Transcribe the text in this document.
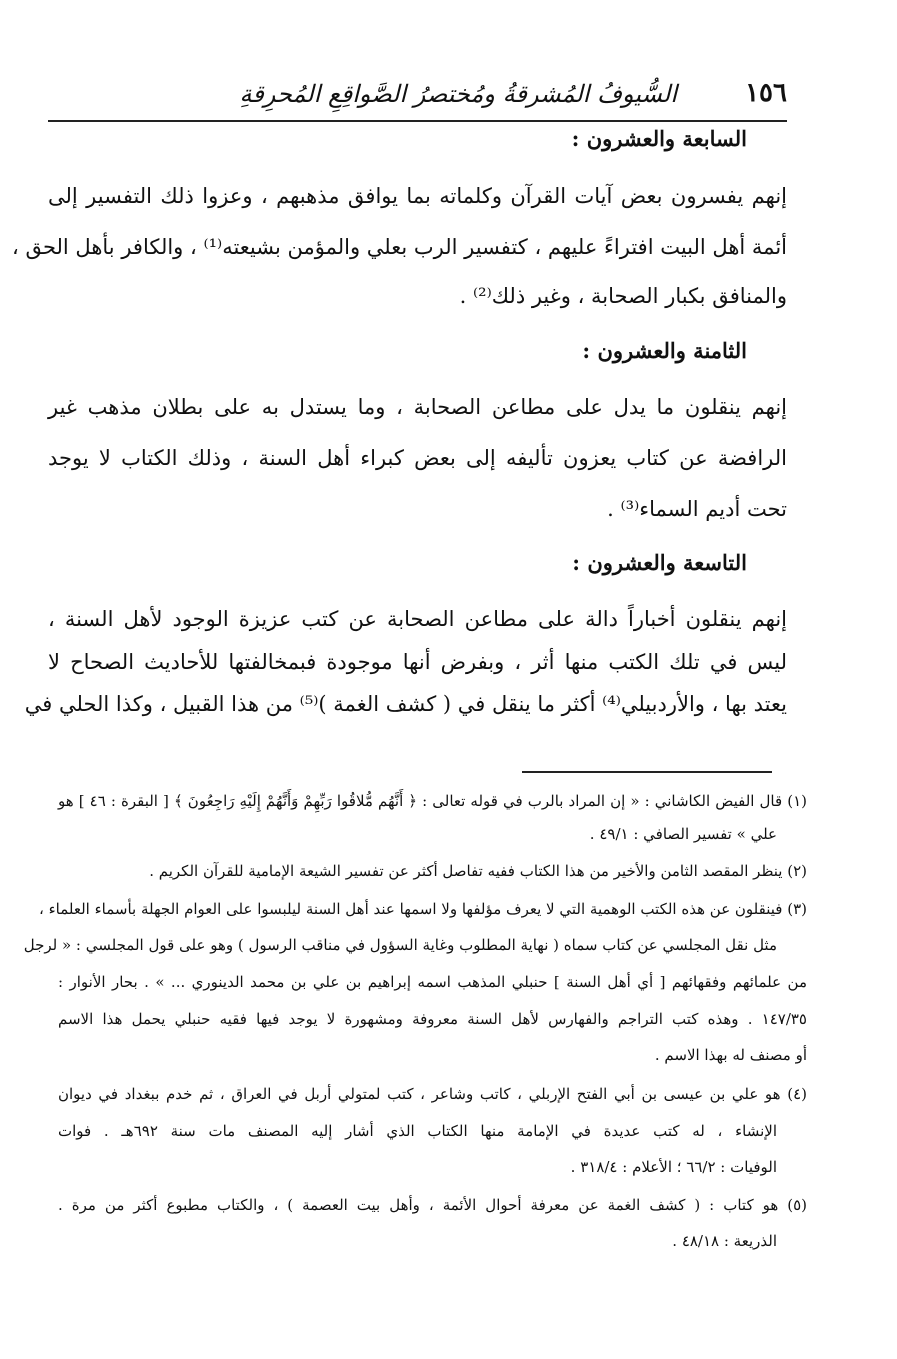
١٥٦
السُّيوفُ المُشرقةُ ومُختصرُ الصَّواقِعِ المُحرِقةِ
السابعة والعشرون :
إنهم يفسرون بعض آيات القرآن وكلماته بما يوافق مذهبهم ، وعزوا ذلك التفسير إلى
أئمة أهل البيت افتراءً عليهم ، كتفسير الرب بعلي والمؤمن بشيعته⁽¹⁾ ، والكافر بأهل الحق ،
والمنافق بكبار الصحابة ، وغير ذلك⁽²⁾ .
الثامنة والعشرون :
إنهم ينقلون ما يدل على مطاعن الصحابة ، وما يستدل به على بطلان مذهب غير
الرافضة عن كتاب يعزون تأليفه إلى بعض كبراء أهل السنة ، وذلك الكتاب لا يوجد
تحت أديم السماء⁽³⁾ .
التاسعة والعشرون :
إنهم ينقلون أخباراً دالة على مطاعن الصحابة عن كتب عزيزة الوجود لأهل السنة ،
ليس في تلك الكتب منها أثر ، وبفرض أنها موجودة فبمخالفتها للأحاديث الصحاح لا
يعتد بها ، والأردبيلي⁽⁴⁾ أكثر ما ينقل في ( كشف الغمة )⁽⁵⁾ من هذا القبيل ، وكذا الحلي في
(١) قال الفيض الكاشاني : « إن المراد بالرب في قوله تعالى : ﴿ أَنَّهُم مُّلاقُوا رَبِّهِمْ وَأَنَّهُمْ إِلَيْهِ رَاجِعُونَ ﴾ [ البقرة : ٤٦ ] هو
علي » تفسير الصافي : ٤٩/١ .
(٢) ينظر المقصد الثامن والأخير من هذا الكتاب ففيه تفاصل أكثر عن تفسير الشيعة الإمامية للقرآن الكريم .
(٣) فينقلون عن هذه الكتب الوهمية التي لا يعرف مؤلفها ولا اسمها عند أهل السنة ليلبسوا على العوام الجهلة بأسماء العلماء ،
مثل نقل المجلسي عن كتاب سماه ( نهاية المطلوب وغاية السؤول في مناقب الرسول ) وهو على قول المجلسي : « لرجل
من علمائهم وفقهائهم [ أي أهل السنة ] حنبلي المذهب اسمه إبراهيم بن علي بن محمد الدينوري ... » . بحار الأنوار :
١٤٧/٣٥ . وهذه كتب التراجم والفهارس لأهل السنة معروفة ومشهورة لا يوجد فيها فقيه حنبلي يحمل هذا الاسم
أو مصنف له بهذا الاسم .
(٤) هو علي بن عيسى بن أبي الفتح الإربلي ، كاتب وشاعر ، كتب لمتولي أربل في العراق ، ثم خدم ببغداد في ديوان
الإنشاء ، له كتب عديدة في الإمامة منها الكتاب الذي أشار إليه المصنف مات سنة ٦٩٢هـ . فوات
الوفيات : ٦٦/٢ ؛ الأعلام : ٣١٨/٤ .
(٥) هو كتاب : ( كشف الغمة عن معرفة أحوال الأئمة ، وأهل بيت العصمة ) ، والكتاب مطبوع أكثر من مرة .
الذريعة : ٤٨/١٨ .
